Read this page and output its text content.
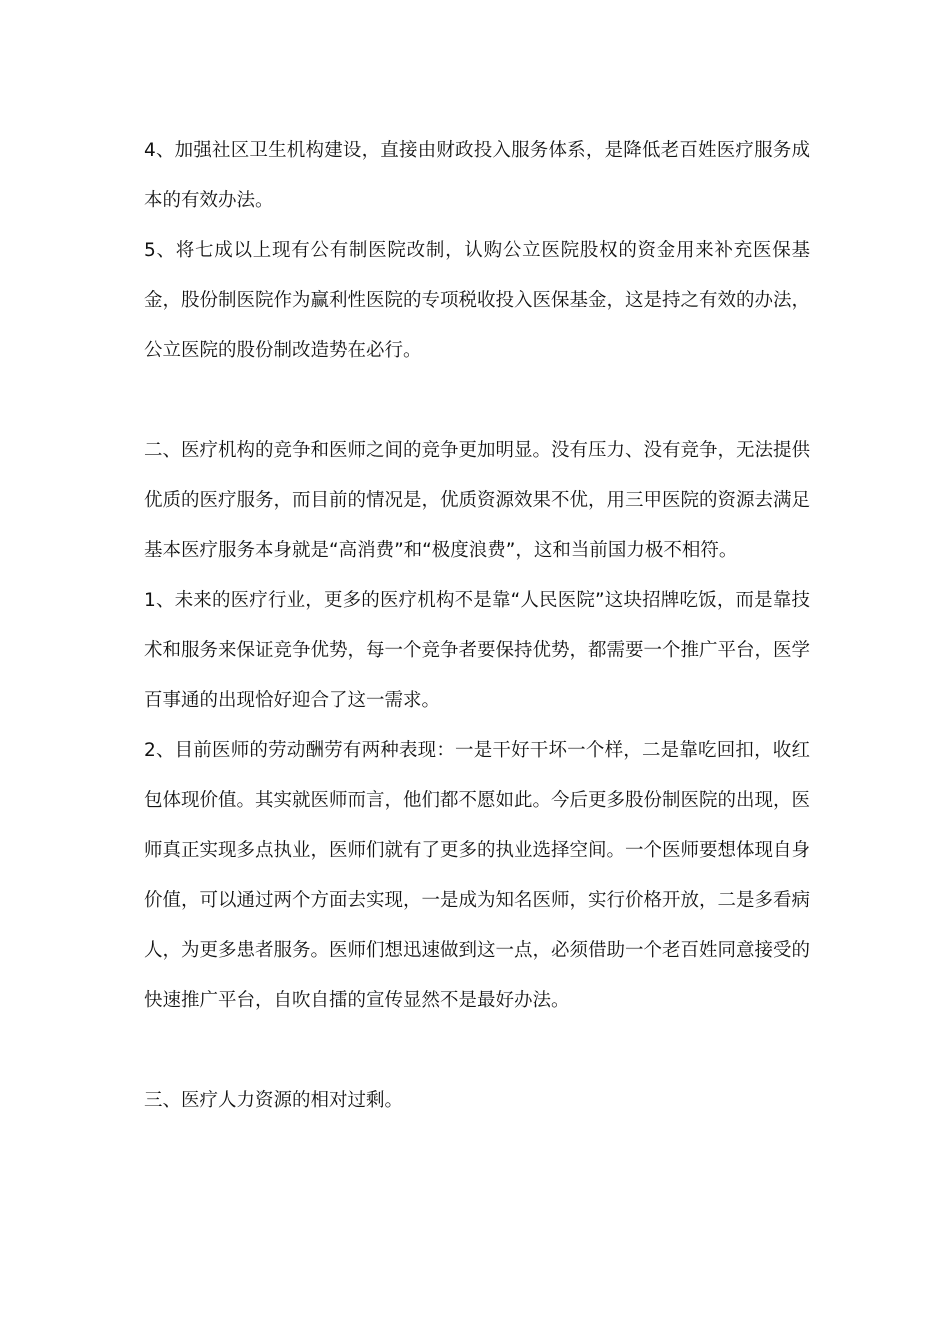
4、加强社区卫生机构建设，直接由财政投入服务体系，是降低老百姓医疗服务成本的有效办法。

5、将七成以上现有公有制医院改制，认购公立医院股权的资金用来补充医保基金，股份制医院作为赢利性医院的专项税收投入医保基金，这是持之有效的办法，公立医院的股份制改造势在必行。

二、医疗机构的竞争和医师之间的竞争更加明显。没有压力、没有竞争，无法提供优质的医疗服务，而目前的情况是，优质资源效果不优，用三甲医院的资源去满足基本医疗服务本身就是“高消费”和“极度浪费”，这和当前国力极不相符。

1、未来的医疗行业，更多的医疗机构不是靠“人民医院”这块招牌吃饭，而是靠技术和服务来保证竞争优势，每一个竞争者要保持优势，都需要一个推广平台，医学百事通的出现恰好迎合了这一需求。

2、目前医师的劳动酬劳有两种表现：一是干好干坏一个样，二是靠吃回扣，收红包体现价值。其实就医师而言，他们都不愿如此。今后更多股份制医院的出现，医师真正实现多点执业，医师们就有了更多的执业选择空间。一个医师要想体现自身价值，可以通过两个方面去实现，一是成为知名医师，实行价格开放，二是多看病人，为更多患者服务。医师们想迅速做到这一点，必须借助一个老百姓同意接受的快速推广平台，自吹自擂的宣传显然不是最好办法。

三、医疗人力资源的相对过剩。
